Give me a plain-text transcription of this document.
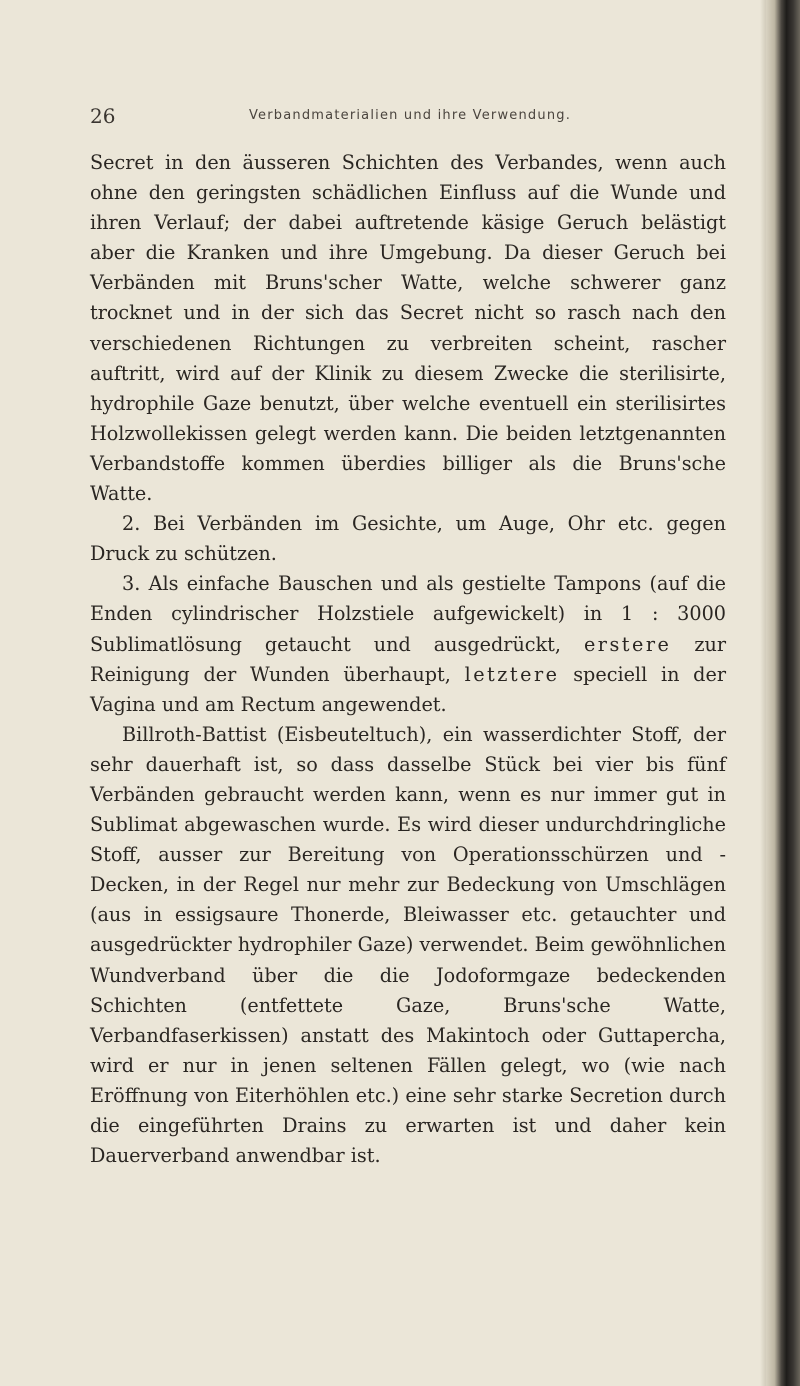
26	Verbandmaterialien und ihre Verwendung.

Secret in den äusseren Schichten des Verbandes, wenn auch ohne den geringsten schädlichen Einfluss auf die Wunde und ihren Verlauf; der dabei auftretende käsige Geruch belästigt aber die Kranken und ihre Umgebung. Da dieser Geruch bei Verbänden mit Bruns'scher Watte, welche schwerer ganz trocknet und in der sich das Secret nicht so rasch nach den verschiedenen Richtungen zu verbreiten scheint, rascher auftritt, wird auf der Klinik zu diesem Zwecke die sterilisirte, hydrophile Gaze benutzt, über welche eventuell ein sterilisirtes Holzwollekissen gelegt werden kann. Die beiden letztgenannten Verbandstoffe kommen überdies billiger als die Bruns'sche Watte.

2. Bei Verbänden im Gesichte, um Auge, Ohr etc. gegen Druck zu schützen.

3. Als einfache Bauschen und als gestielte Tampons (auf die Enden cylindrischer Holzstiele aufgewickelt) in 1 : 3000 Sublimatlösung getaucht und ausgedrückt, erstere zur Reinigung der Wunden überhaupt, letztere speciell in der Vagina und am Rectum angewendet.

Billroth-Battist (Eisbeuteltuch), ein wasserdichter Stoff, der sehr dauerhaft ist, so dass dasselbe Stück bei vier bis fünf Verbänden gebraucht werden kann, wenn es nur immer gut in Sublimat abgewaschen wurde. Es wird dieser undurchdringliche Stoff, ausser zur Bereitung von Operationsschürzen und -Decken, in der Regel nur mehr zur Bedeckung von Umschlägen (aus in essigsaure Thonerde, Bleiwasser etc. getauchter und ausgedrückter hydrophiler Gaze) verwendet. Beim gewöhnlichen Wundverband über die die Jodoformgaze bedeckenden Schichten (entfettete Gaze, Bruns'sche Watte, Verbandfaserkissen) anstatt des Makintoch oder Guttapercha, wird er nur in jenen seltenen Fällen gelegt, wo (wie nach Eröffnung von Eiterhöhlen etc.) eine sehr starke Secretion durch die eingeführten Drains zu erwarten ist und daher kein Dauerverband anwendbar ist.
